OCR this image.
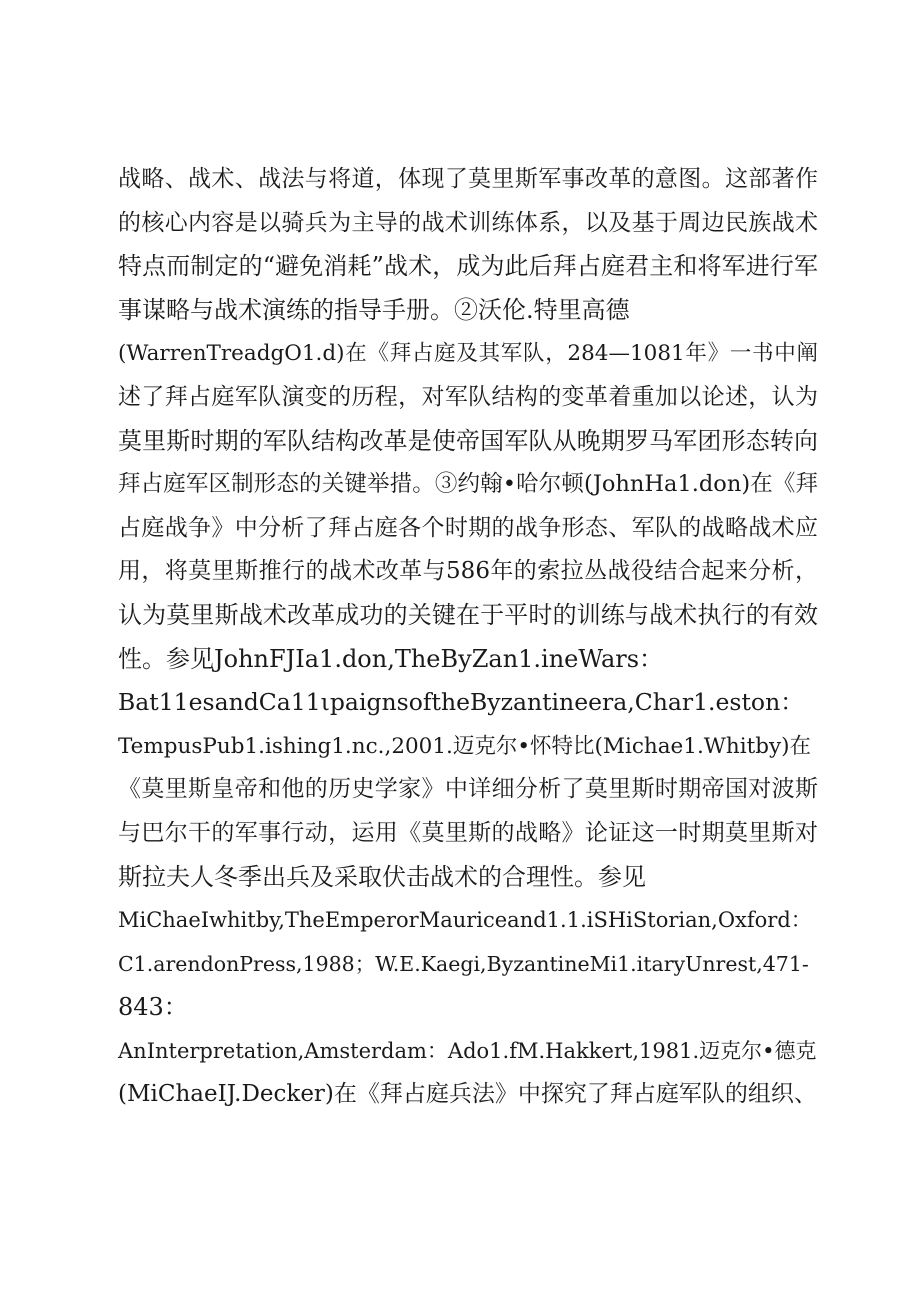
战略、战术、战法与将道，体现了莫里斯军事改革的意图。这部著作
的核心内容是以骑兵为主导的战术训练体系，以及基于周边民族战术
特点而制定的“避免消耗”战术，成为此后拜占庭君主和将军进行军
事谋略与战术演练的指导手册。②沃伦.特里高德
(WarrenTreadgO1.d)在《拜占庭及其军队，284—1081年》一书中阐
述了拜占庭军队演变的历程，对军队结构的变革着重加以论述，认为
莫里斯时期的军队结构改革是使帝国军队从晚期罗马军团形态转向
拜占庭军区制形态的关键举措。③约翰•哈尔顿(JohnHa1.don)在《拜
占庭战争》中分析了拜占庭各个时期的战争形态、军队的战略战术应
用，将莫里斯推行的战术改革与586年的索拉丛战役结合起来分析，
认为莫里斯战术改革成功的关键在于平时的训练与战术执行的有效
性。参见JohnFJIa1.don,TheByZan1.ineWars：
Bat11esandCa11ιpaignsoftheByzantineera,Char1.eston：
TempusPub1.ishing1.nc.,2001.迈克尔•怀特比(Michae1.Whitby)在
《莫里斯皇帝和他的历史学家》中详细分析了莫里斯时期帝国对波斯
与巴尔干的军事行动，运用《莫里斯的战略》论证这一时期莫里斯对
斯拉夫人冬季出兵及采取伏击战术的合理性。参见
MiChaeIwhitby,TheEmperorMauriceand1.1.iSHiStorian,Oxford：
C1.arendonPress,1988；W.E.Kaegi,ByzantineMi1.itaryUnrest,471-
843：
AnInterpretation,Amsterdam：Ado1.fM.Hakkert,1981.迈克尔•德克
(MiChaeIJ.Decker)在《拜占庭兵法》中探究了拜占庭军队的组织、
